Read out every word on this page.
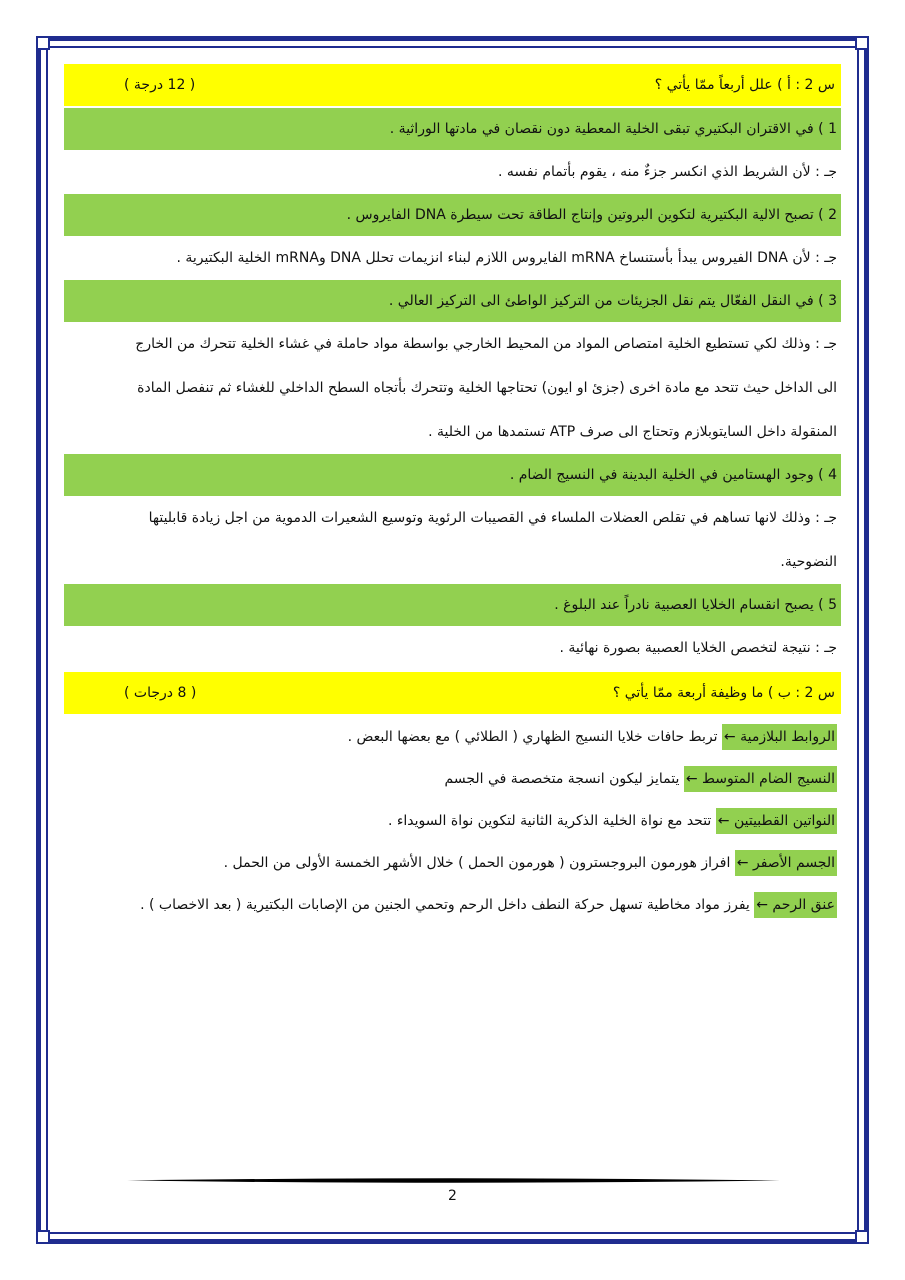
س 2 : أ ) علل أربعاً ممّا يأتي ؟
( 12 درجة )
1 ) في الاقتران البكتيري تبقى الخلية المعطية دون نقصان في مادتها الوراثية .
جـ : لأن الشريط الذي انكسر جزءٌ منه ، يقوم بأتمام نفسه .
2 ) تصبح الالية البكتيرية لتكوين البروتين وإنتاج الطاقة تحت سيطرة DNA الفايروس .
جـ : لأن DNA الفيروس يبدأ بأستنساخ mRNA الفايروس اللازم لبناء انزيمات تحلل DNA وmRNA الخلية البكتيرية .
3 ) في النقل الفعّال يتم نقل الجزيئات من التركيز الواطئ الى التركيز العالي .
جـ : وذلك لكي تستطيع الخلية امتصاص المواد من المحيط الخارجي بواسطة مواد حاملة في غشاء الخلية تتحرك من الخارج
الى الداخل حيث تتحد مع مادة اخرى (جزئ او ايون) تحتاجها الخلية وتتحرك بأتجاه السطح الداخلي للغشاء ثم تنفصل المادة
المنقولة داخل السايتوبلازم وتحتاج الى صرف ATP تستمدها من الخلية .
4 ) وجود الهستامين في الخلية البدينة في النسيج الضام .
جـ : وذلك لانها تساهم في تقلص العضلات الملساء في القصيبات الرئوية وتوسيع الشعيرات الدموية من اجل زيادة قابليتها
النضوحية.
5 ) يصبح انقسام الخلايا العصبية نادراً عند البلوغ .
جـ : نتيجة لتخصص الخلايا العصبية بصورة نهائية .
س 2 : ب ) ما وظيفة أربعة ممّا يأتي ؟
( 8 درجات )
الروابط البلازمية ←

تربط حافات خلايا النسيج الظهاري ( الطلائي ) مع بعضها البعض .
النسيج الضام المتوسط ←

يتمايز ليكون انسجة متخصصة في الجسم
النواتين القطبيتين ←

تتحد مع نواة الخلية الذكرية الثانية لتكوين نواة السويداء .
الجسم الأصفر ←

افراز هورمون البروجسترون ( هورمون الحمل ) خلال الأشهر الخمسة الأولى من الحمل .
عنق الرحم ←

يفرز مواد مخاطية تسهل حركة النطف داخل الرحم وتحمي الجنين من الإصابات البكتيرية ( بعد الاخصاب ) .
2
